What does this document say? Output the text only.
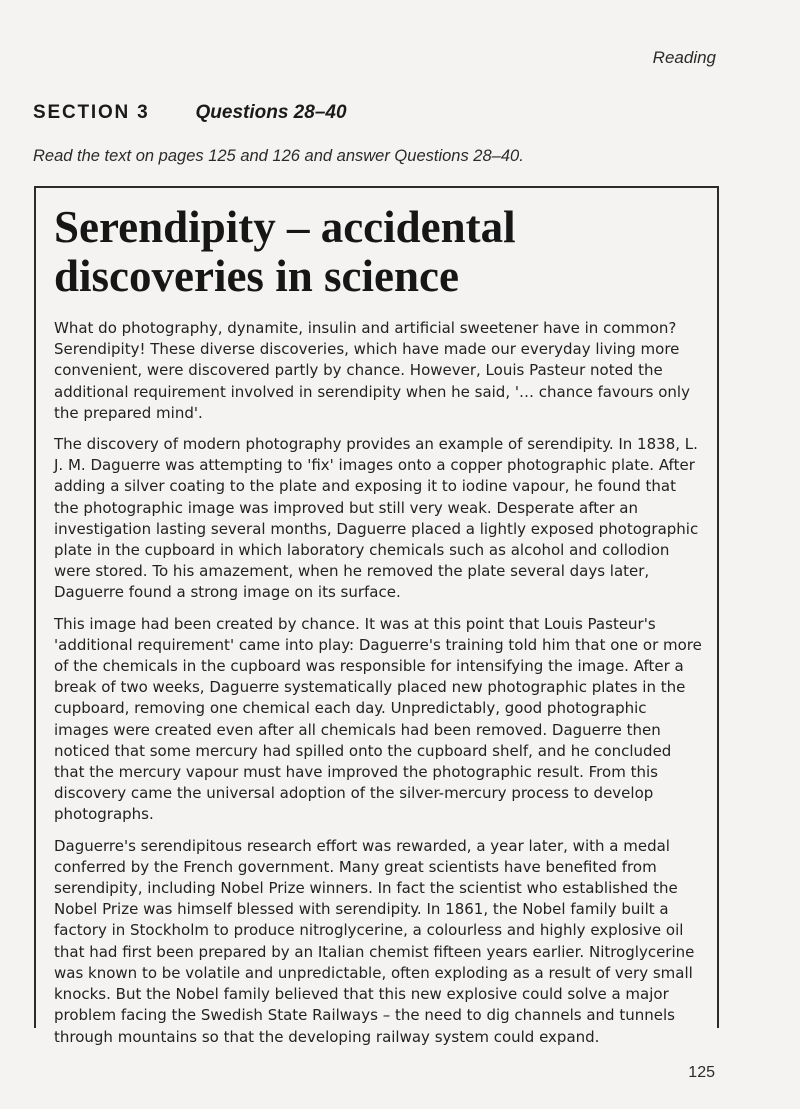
Reading
SECTION 3 Questions 28–40
Read the text on pages 125 and 126 and answer Questions 28–40.
Serendipity – accidental discoveries in science

What do photography, dynamite, insulin and artificial sweetener have in common? Serendipity! These diverse discoveries, which have made our everyday living more convenient, were discovered partly by chance. However, Louis Pasteur noted the additional requirement involved in serendipity when he said, '… chance favours only the prepared mind'.

The discovery of modern photography provides an example of serendipity. In 1838, L. J. M. Daguerre was attempting to 'fix' images onto a copper photographic plate. After adding a silver coating to the plate and exposing it to iodine vapour, he found that the photographic image was improved but still very weak. Desperate after an investigation lasting several months, Daguerre placed a lightly exposed photographic plate in the cupboard in which laboratory chemicals such as alcohol and collodion were stored. To his amazement, when he removed the plate several days later, Daguerre found a strong image on its surface.

This image had been created by chance. It was at this point that Louis Pasteur's 'additional requirement' came into play: Daguerre's training told him that one or more of the chemicals in the cupboard was responsible for intensifying the image. After a break of two weeks, Daguerre systematically placed new photographic plates in the cupboard, removing one chemical each day. Unpredictably, good photographic images were created even after all chemicals had been removed. Daguerre then noticed that some mercury had spilled onto the cupboard shelf, and he concluded that the mercury vapour must have improved the photographic result. From this discovery came the universal adoption of the silver-mercury process to develop photographs.

Daguerre's serendipitous research effort was rewarded, a year later, with a medal conferred by the French government. Many great scientists have benefited from serendipity, including Nobel Prize winners. In fact the scientist who established the Nobel Prize was himself blessed with serendipity. In 1861, the Nobel family built a factory in Stockholm to produce nitroglycerine, a colourless and highly explosive oil that had first been prepared by an Italian chemist fifteen years earlier. Nitroglycerine was known to be volatile and unpredictable, often exploding as a result of very small knocks. But the Nobel family believed that this new explosive could solve a major problem facing the Swedish State Railways – the need to dig channels and tunnels through mountains so that the developing railway system could expand.

125
